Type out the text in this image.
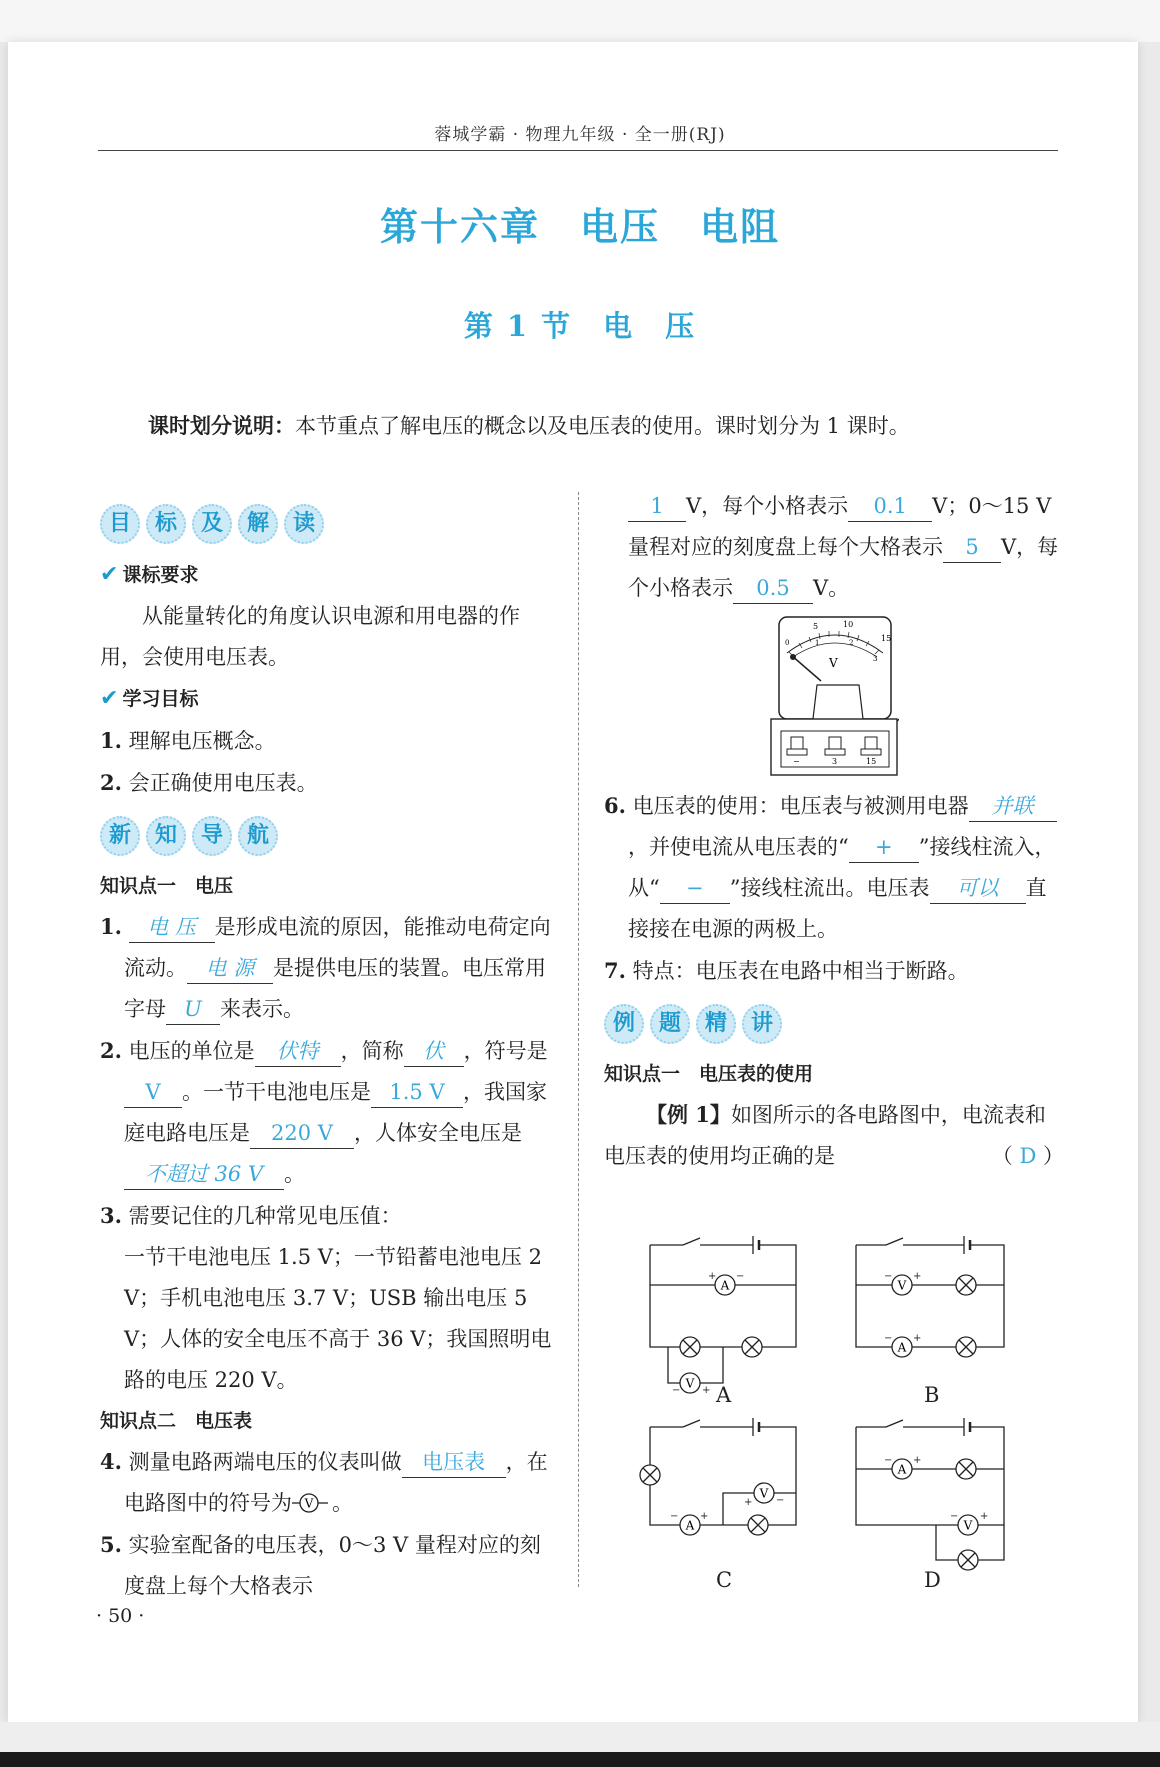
蓉城学霸 · 物理九年级 · 全一册(RJ)
第十六章　电压　电阻
第 1 节　电　压
课时划分说明：本节重点了解电压的概念以及电压表的使用。课时划分为 1 课时。
目	标	及	解	读
✔ 课标要求

从能量转化的角度认识电源和用电器的作用，会使用电压表。

✔ 学习目标

1. 理解电压概念。

2. 会正确使用电压表。

新	知	导	航
知识点一　电压

1. 电 压 是形成电流的原因，能推动电荷定向流动。 电 源 是提供电压的装置。电压常用字母 U 来表示。

2. 电压的单位是 伏特 ，简称 伏 ，符号是V 。一节干电池电压是 1.5 V ，我国家庭电路电压是 220 V ，人体安全电压是不超过 36 V 。

3. 需要记住的几种常见电压值：

一节干电池电压 1.5 V；一节铅蓄电池电压 2 V；手机电池电压 3.7 V；USB 输出电压 5 V；人体的安全电压不高于 36 V；我国照明电路的电压 220 V。

知识点二　电压表

4. 测量电路两端电压的仪表叫做 电压表 ，在电路图中的符号为 V 。

5. 实验室配备的电压表，0～3 V 量程对应的刻度盘上每个大格表示

1 V，每个小格表示 0.1 V；0～15 V 量程对应的刻度盘上每个大格表示 5 V，每个小格表示 0.5 V。

5	10
15
0	1	2
3
V
−	3	15

6. 电压表的使用：电压表与被测用电器 并联，并使电流从电压表的“ + ”接线柱流入，从“ − ”接线柱流出。电压表 可以 直接接在电源的两极上。

7. 特点：电压表在电路中相当于断路。

例	题	精	讲
知识点一　电压表的使用

【例 1】如图所示的各电路图中，电流表和电压表的使用均正确的是	（ D ）

+ −
− +
− +
− +
− +
+ −
− +
− +
A	B
C	D
· 50 ·
